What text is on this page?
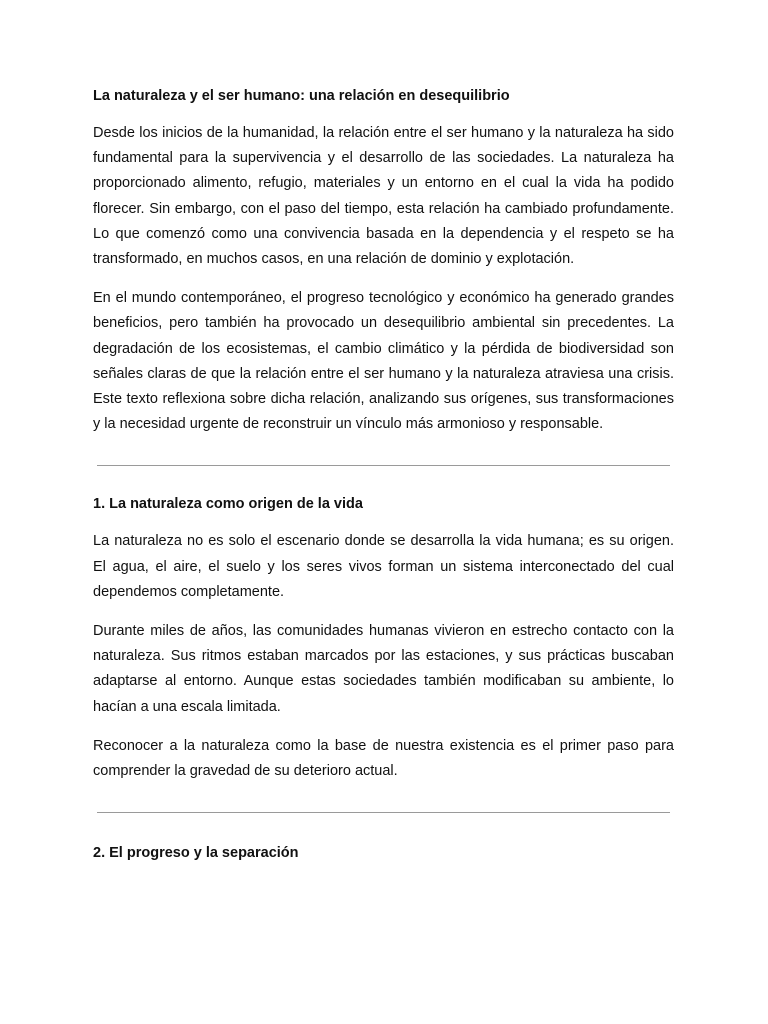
La naturaleza y el ser humano: una relación en desequilibrio

Desde los inicios de la humanidad, la relación entre el ser humano y la naturaleza ha sido fundamental para la supervivencia y el desarrollo de las sociedades. La naturaleza ha proporcionado alimento, refugio, materiales y un entorno en el cual la vida ha podido florecer. Sin embargo, con el paso del tiempo, esta relación ha cambiado profundamente. Lo que comenzó como una convivencia basada en la dependencia y el respeto se ha transformado, en muchos casos, en una relación de dominio y explotación.

En el mundo contemporáneo, el progreso tecnológico y económico ha generado grandes beneficios, pero también ha provocado un desequilibrio ambiental sin precedentes. La degradación de los ecosistemas, el cambio climático y la pérdida de biodiversidad son señales claras de que la relación entre el ser humano y la naturaleza atraviesa una crisis. Este texto reflexiona sobre dicha relación, analizando sus orígenes, sus transformaciones y la necesidad urgente de reconstruir un vínculo más armonioso y responsable.

1. La naturaleza como origen de la vida

La naturaleza no es solo el escenario donde se desarrolla la vida humana; es su origen. El agua, el aire, el suelo y los seres vivos forman un sistema interconectado del cual dependemos completamente.

Durante miles de años, las comunidades humanas vivieron en estrecho contacto con la naturaleza. Sus ritmos estaban marcados por las estaciones, y sus prácticas buscaban adaptarse al entorno. Aunque estas sociedades también modificaban su ambiente, lo hacían a una escala limitada.

Reconocer a la naturaleza como la base de nuestra existencia es el primer paso para comprender la gravedad de su deterioro actual.

2. El progreso y la separación
